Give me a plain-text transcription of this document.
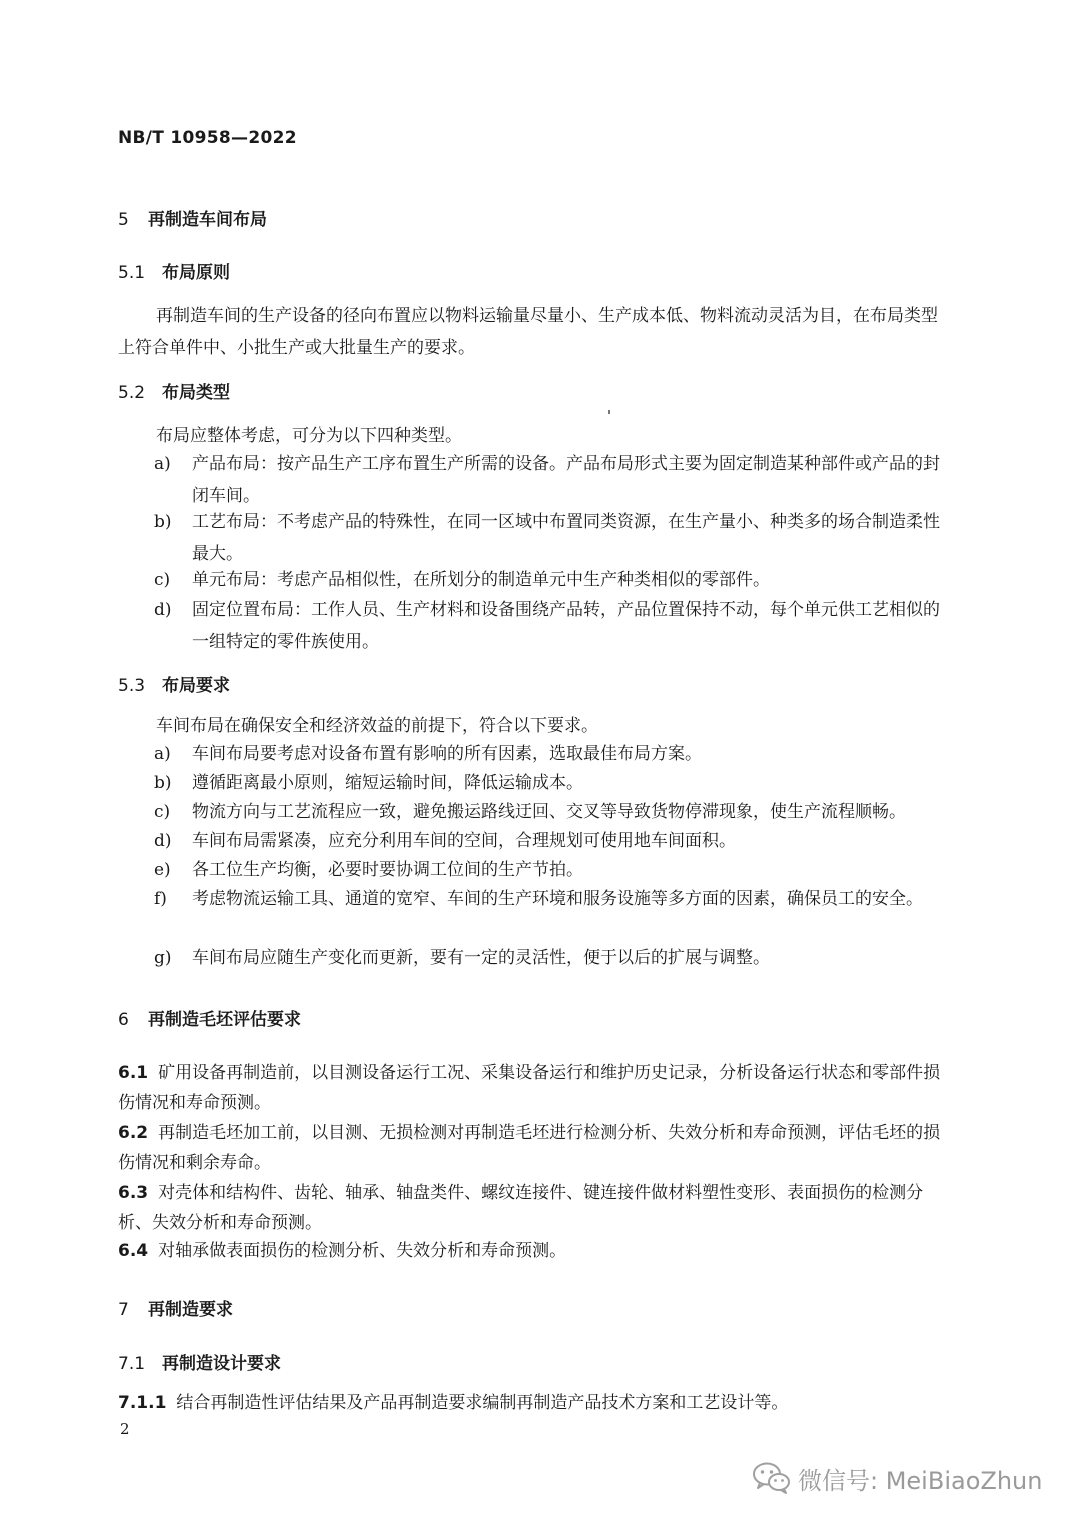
NB/T 10958—2022
5 再制造车间布局
5.1 布局原则

再制造车间的生产设备的径向布置应以物料运输量尽量小、生产成本低、物料流动灵活为目，在布局类型上符合单件中、小批生产或大批量生产的要求。

5.2 布局类型

布局应整体考虑，可分为以下四种类型。

a)	产品布局：按产品生产工序布置生产所需的设备。产品布局形式主要为固定制造某种部件或产品的封闭车间。
b)	工艺布局：不考虑产品的特殊性，在同一区域中布置同类资源，在生产量小、种类多的场合制造柔性最大。
c)	单元布局：考虑产品相似性，在所划分的制造单元中生产种类相似的零部件。
d)	固定位置布局：工作人员、生产材料和设备围绕产品转，产品位置保持不动，每个单元供工艺相似的一组特定的零件族使用。
5.3 布局要求

车间布局在确保安全和经济效益的前提下，符合以下要求。

a)	车间布局要考虑对设备布置有影响的所有因素，选取最佳布局方案。
b)	遵循距离最小原则，缩短运输时间，降低运输成本。
c)	物流方向与工艺流程应一致，避免搬运路线迂回、交叉等导致货物停滞现象，使生产流程顺畅。
d)	车间布局需紧凑，应充分利用车间的空间，合理规划可使用地车间面积。
e)	各工位生产均衡，必要时要协调工位间的生产节拍。
f)	考虑物流运输工具、通道的宽窄、车间的生产环境和服务设施等多方面的因素，确保员工的安全。
g)	车间布局应随生产变化而更新，要有一定的灵活性，便于以后的扩展与调整。
6 再制造毛坯评估要求
6.1 矿用设备再制造前，以目测设备运行工况、采集设备运行和维护历史记录，分析设备运行状态和零部件损伤情况和寿命预测。
6.2 再制造毛坯加工前，以目测、无损检测对再制造毛坯进行检测分析、失效分析和寿命预测，评估毛坯的损伤情况和剩余寿命。
6.3 对壳体和结构件、齿轮、轴承、轴盘类件、螺纹连接件、键连接件做材料塑性变形、表面损伤的检测分析、失效分析和寿命预测。
6.4 对轴承做表面损伤的检测分析、失效分析和寿命预测。
7 再制造要求
7.1 再制造设计要求
7.1.1 结合再制造性评估结果及产品再制造要求编制再制造产品技术方案和工艺设计等。
2
微信号: MeiBiaoZhun
